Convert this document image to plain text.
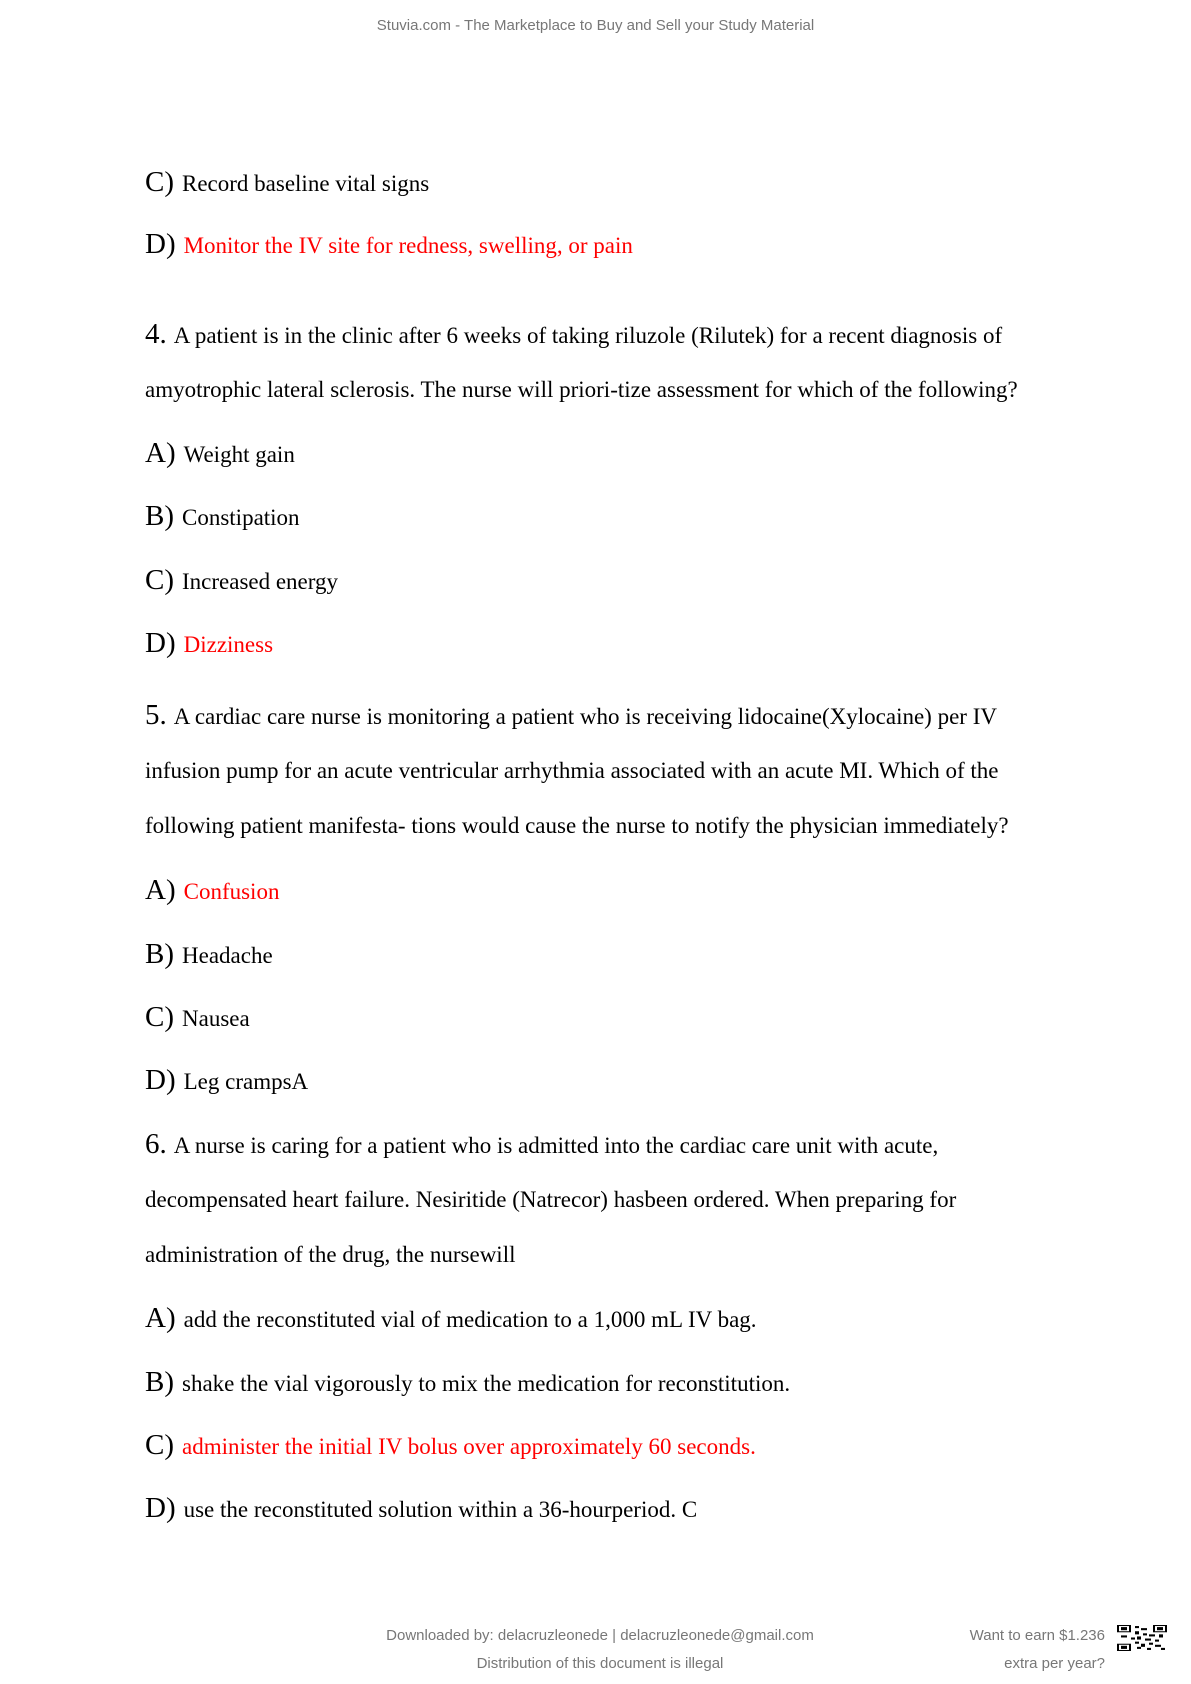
Stuvia.com - The Marketplace to Buy and Sell your Study Material
C) Record baseline vital signs
D) Monitor the IV site for redness, swelling, or pain
4. A patient is in the clinic after 6 weeks of taking riluzole (Rilutek) for a recent diagnosis of
amyotrophic lateral sclerosis. The nurse will priori-tize assessment for which of the following?
A) Weight gain
B) Constipation
C) Increased energy
D) Dizziness
5. A cardiac care nurse is monitoring a patient who is receiving lidocaine(Xylocaine) per IV
infusion pump for an acute ventricular arrhythmia associated with an acute MI. Which of the
following patient manifesta- tions would cause the nurse to notify the physician immediately?
A) Confusion
B) Headache
C) Nausea
D) Leg crampsA
6. A nurse is caring for a patient who is admitted into the cardiac care unit with acute,
decompensated heart failure. Nesiritide (Natrecor) hasbeen ordered. When preparing for
administration of the drug, the nursewill
A) add the reconstituted vial of medication to a 1,000 mL IV bag.
B) shake the vial vigorously to mix the medication for reconstitution.
C) administer the initial IV bolus over approximately 60 seconds.
D) use the reconstituted solution within a 36-hourperiod. C
Downloaded by: delacruzleonede | delacruzleonede@gmail.com
Distribution of this document is illegal
Want to earn $1.236
extra per year?
